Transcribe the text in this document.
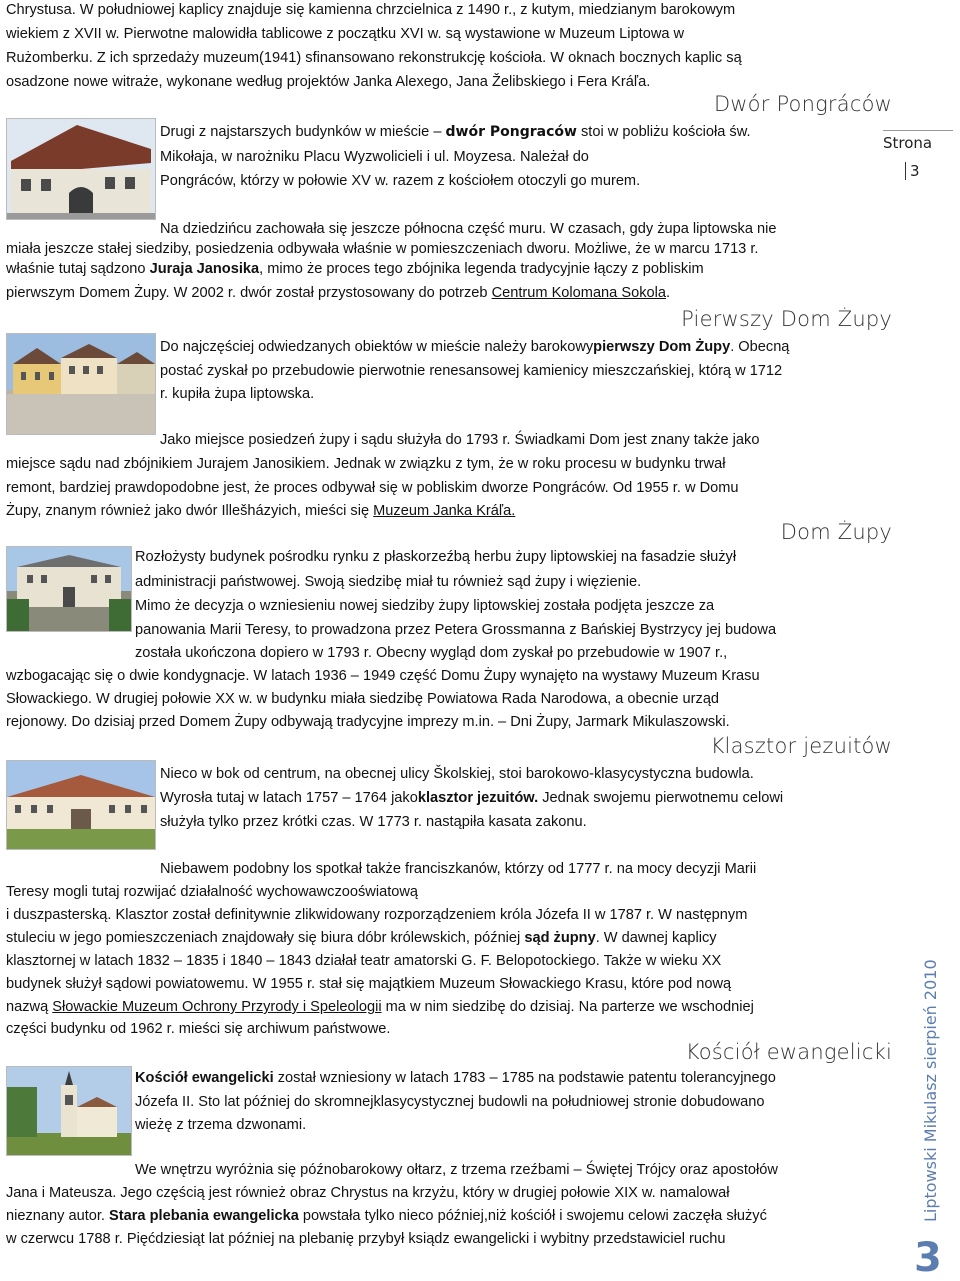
Strona
3
Liptowski Mikulasz sierpień 2010
3

Chrystusa. W południowej kaplicy znajduje się kamienna chrzcielnica z 1490 r., z kutym, miedzianym barokowym

wiekiem z XVII w. Pierwotne malowidła tablicowe z początku XVI w. są wystawione w Muzeum Liptowa w

Rużomberku. Z ich sprzedaży muzeum(1941) sfinansowano rekonstrukcję kościoła. W oknach bocznych kaplic są

osadzone nowe witraże, wykonane według projektów Janka Alexego, Jana Želibskiego i Fera Kráľa.

Dwór Pongráców

Drugi z najstarszych budynków w mieście – dwór Pongraców stoi w pobliżu kościoła św.

Mikołaja, w narożniku Placu Wyzwolicieli i ul. Moyzesa. Należał do

Pongráców, którzy w połowie XV w. razem z kościołem otoczyli go murem.

Na dziedzińcu zachowała się jeszcze północna część muru. W czasach, gdy żupa liptowska nie

miała jeszcze stałej siedziby, posiedzenia odbywała właśnie w pomieszczeniach dworu. Możliwe, że w marcu 1713 r.

właśnie tutaj sądzono Juraja Janosika, mimo że proces tego zbójnika legenda tradycyjnie łączy z pobliskim

pierwszym Domem Żupy. W 2002 r. dwór został przystosowany do potrzeb Centrum Kolomana Sokola.

Pierwszy Dom Żupy

Do najczęściej odwiedzanych obiektów w mieście należy barokowypierwszy Dom Żupy. Obecną

postać zyskał po przebudowie pierwotnie renesansowej kamienicy mieszczańskiej, którą w 1712

r. kupiła żupa liptowska.

Jako miejsce posiedzeń żupy i sądu służyła do 1793 r. Świadkami Dom jest znany także jako

miejsce sądu nad zbójnikiem Jurajem Janosikiem. Jednak w związku z tym, że w roku procesu w budynku trwał

remont, bardziej prawdopodobne jest, że proces odbywał się w pobliskim dworze Pongráców. Od 1955 r. w Domu

Żupy, znanym również jako dwór Illešházyich, mieści się Muzeum Janka Kráľa.

Dom Żupy

Rozłożysty budynek pośrodku rynku z płaskorzeźbą herbu żupy liptowskiej na fasadzie służył

administracji państwowej. Swoją siedzibę miał tu również sąd żupy i więzienie.

Mimo że decyzja o wzniesieniu nowej siedziby żupy liptowskiej została podjęta jeszcze za

panowania Marii Teresy, to prowadzona przez Petera Grossmanna z Bańskiej Bystrzycy jej budowa

została ukończona dopiero w 1793 r. Obecny wygląd dom zyskał po przebudowie w 1907 r.,

wzbogacając się o dwie kondygnacje. W latach 1936 – 1949 część Domu Żupy wynajęto na wystawy Muzeum Krasu

Słowackiego. W drugiej połowie XX w. w budynku miała siedzibę Powiatowa Rada Narodowa, a obecnie urząd

rejonowy. Do dzisiaj przed Domem Żupy odbywają tradycyjne imprezy m.in. – Dni Żupy, Jarmark Mikulaszowski.

Klasztor jezuitów

Nieco w bok od centrum, na obecnej ulicy Školskiej, stoi barokowo-klasycystyczna budowla.

Wyrosła tutaj w latach 1757 – 1764 jakoklasztor jezuitów. Jednak swojemu pierwotnemu celowi

służyła tylko przez krótki czas. W 1773 r. nastąpiła kasata zakonu.

Niebawem podobny los spotkał także franciszkanów, którzy od 1777 r. na mocy decyzji Marii

Teresy mogli tutaj rozwijać działalność wychowawczooświatową

i duszpasterską. Klasztor został definitywnie zlikwidowany rozporządzeniem króla Józefa II w 1787 r. W następnym

stuleciu w jego pomieszczeniach znajdowały się biura dóbr królewskich, później sąd żupny. W dawnej kaplicy

klasztornej w latach 1832 – 1835 i 1840 – 1843 działał teatr amatorski G. F. Belopotockiego. Także w wieku XX

budynek służył sądowi powiatowemu. W 1955 r. stał się majątkiem Muzeum Słowackiego Krasu, które pod nową

nazwą Słowackie Muzeum Ochrony Przyrody i Speleologii ma w nim siedzibę do dzisiaj. Na parterze we wschodniej

części budynku od 1962 r. mieści się archiwum państwowe.

Kościół ewangelicki

Kościół ewangelicki został wzniesiony w latach 1783 – 1785 na podstawie patentu tolerancyjnego

Józefa II. Sto lat później do skromnejklasycystycznej budowli na południowej stronie dobudowano

wieżę z trzema dzwonami.

We wnętrzu wyróżnia się późnobarokowy ołtarz, z trzema rzeźbami – Świętej Trójcy oraz apostołów

Jana i Mateusza. Jego częścią jest również obraz Chrystus na krzyżu, który w drugiej połowie XIX w. namalował

nieznany autor. Stara plebania ewangelicka powstała tylko nieco później,niż kościół i swojemu celowi zaczęła służyć

w czerwcu 1788 r. Pięćdziesiąt lat później na plebanię przybył ksiądz ewangelicki i wybitny przedstawiciel ruchu
